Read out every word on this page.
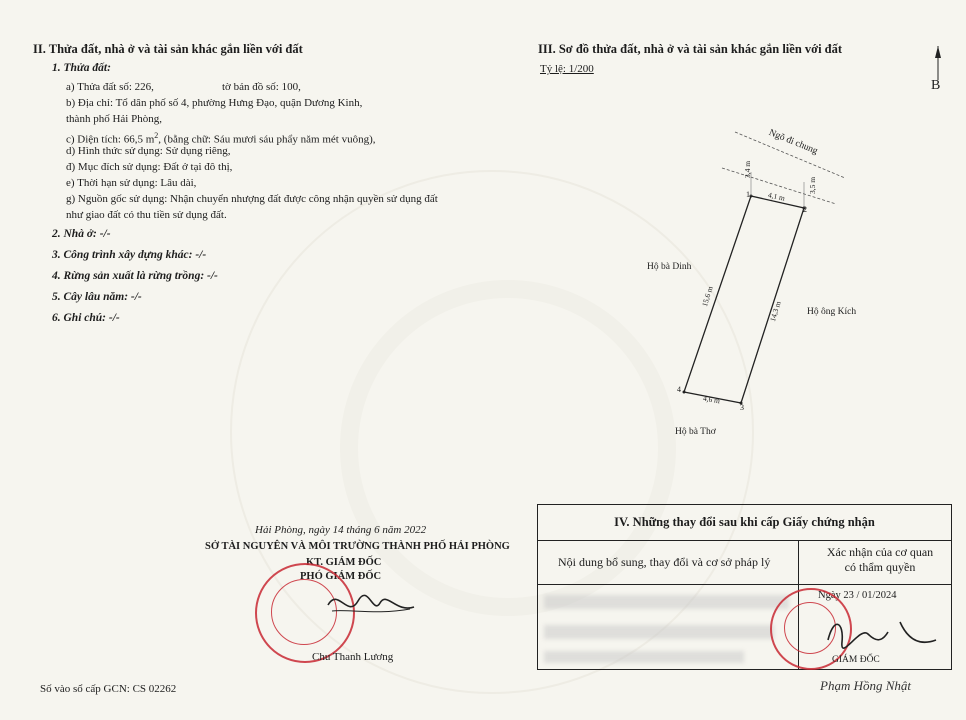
II. Thửa đất, nhà ở và tài sản khác gắn liền với đất
1. Thửa đất:
a) Thửa đất số: 226,	tờ bản đồ số: 100,
b) Địa chỉ: Tổ dân phố số 4, phường Hưng Đạo, quận Dương Kinh,
thành phố Hải Phòng,
c) Diện tích: 66,5 $m^2$, (bằng chữ: Sáu mươi sáu phẩy năm mét vuông),
d) Hình thức sử dụng: Sử dụng riêng,
đ) Mục đích sử dụng: Đất ở tại đô thị,
e) Thời hạn sử dụng: Lâu dài,
g) Nguồn gốc sử dụng: Nhận chuyển nhượng đất được công nhận quyền sử dụng đất
như giao đất có thu tiền sử dụng đất.
2. Nhà ở: -/-
3. Công trình xây dựng khác: -/-
4. Rừng sản xuất là rừng trồng: -/-
5. Cây lâu năm: -/-
6. Ghi chú: -/-
Hải Phòng, ngày 14 tháng 6 năm 2022
SỞ TÀI NGUYÊN VÀ MÔI TRƯỜNG THÀNH PHỐ HẢI PHÒNG
KT. GIÁM ĐỐC
PHÓ GIÁM ĐỐC
Chu Thanh Lương
Số vào sổ cấp GCN: CS 02262
III. Sơ đồ thửa đất, nhà ở và tài sản khác gắn liền với đất
Tỷ lệ: 1/200
B
Ngõ đi chung
3,4 m
3,5 m
4,1 m
15,6 m
14,3 m
4,6 m
1
2
3
4
Hộ bà Dinh
Hộ ông Kích
Hộ bà Thơ
IV. Những thay đổi sau khi cấp Giấy chứng nhận
Nội dung bổ sung, thay đổi và cơ sở pháp lý
Xác nhận của cơ quan
có thẩm quyền
Ngày 23 / 01/2024
GIÁM ĐỐC
Phạm Hồng Nhật
